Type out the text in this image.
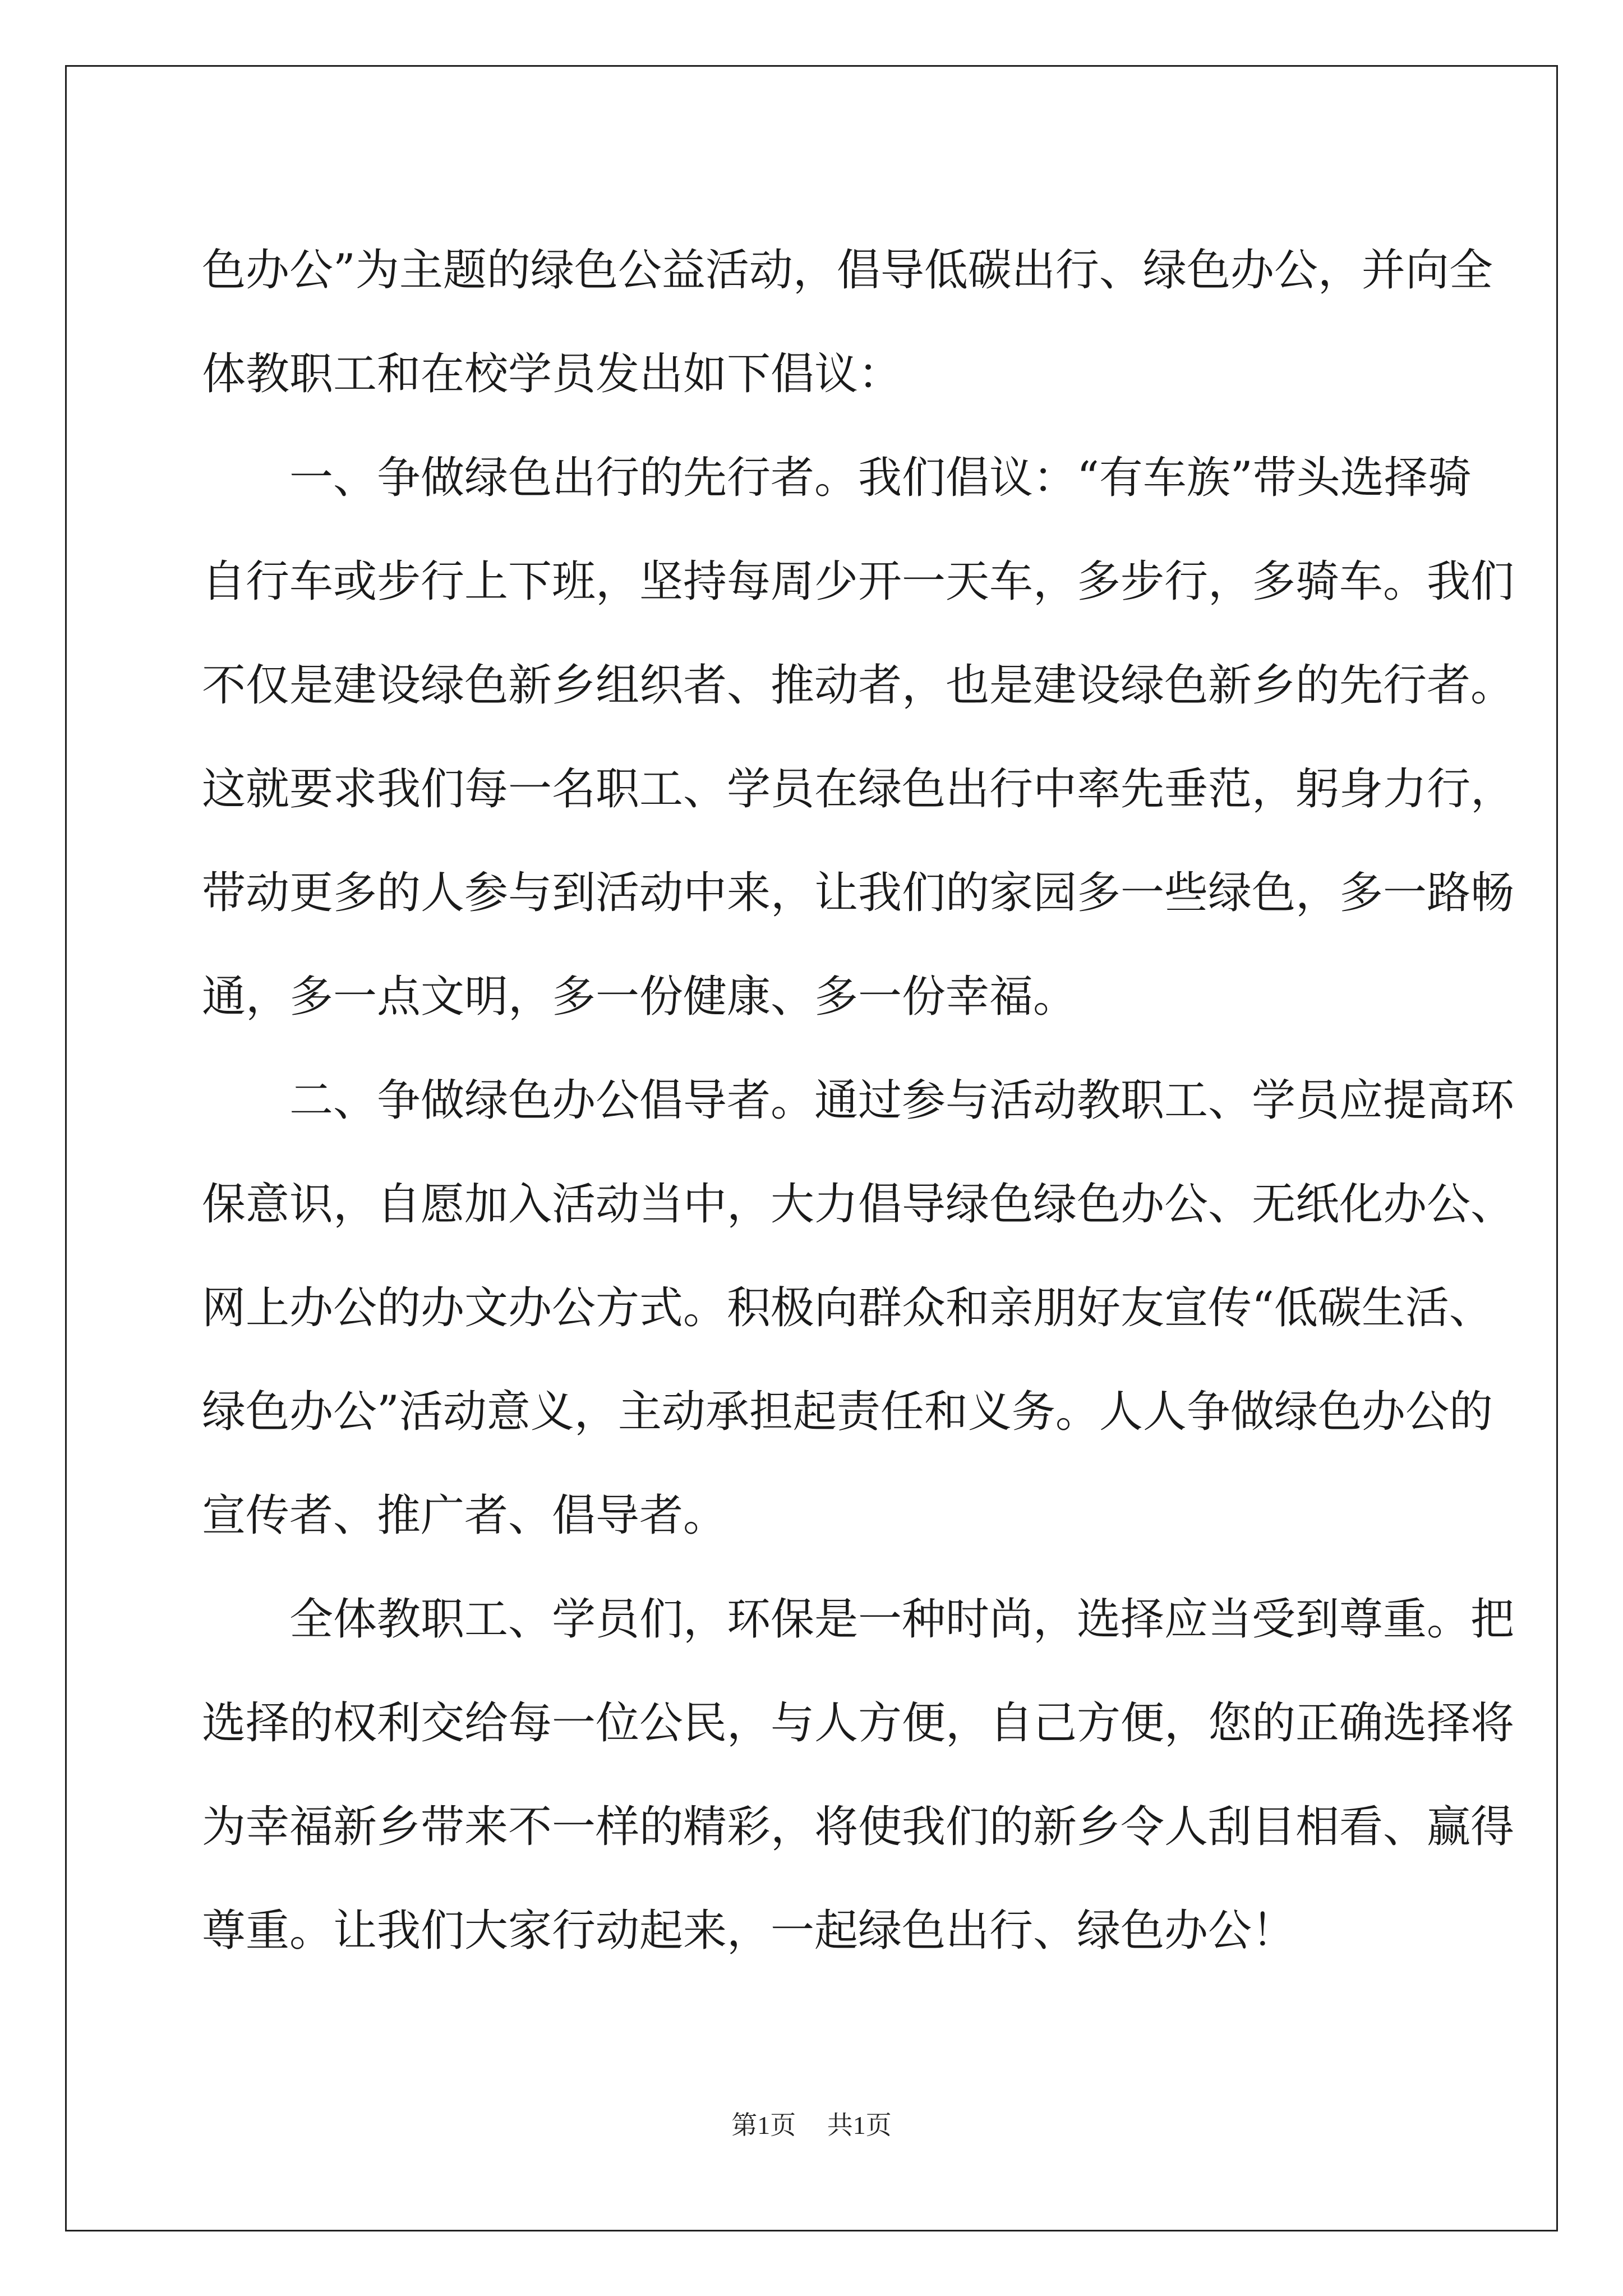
色办公”为主题的绿色公益活动，倡导低碳出行、绿色办公，并向全
体教职工和在校学员发出如下倡议：
一、争做绿色出行的先行者。我们倡议：“有车族”带头选择骑
自行车或步行上下班，坚持每周少开一天车，多步行，多骑车。我们
不仅是建设绿色新乡组织者、推动者，也是建设绿色新乡的先行者。
这就要求我们每一名职工、学员在绿色出行中率先垂范，躬身力行，
带动更多的人参与到活动中来，让我们的家园多一些绿色，多一路畅
通，多一点文明，多一份健康、多一份幸福。
二、争做绿色办公倡导者。通过参与活动教职工、学员应提高环
保意识，自愿加入活动当中，大力倡导绿色绿色办公、无纸化办公、
网上办公的办文办公方式。积极向群众和亲朋好友宣传“低碳生活、
绿色办公”活动意义，主动承担起责任和义务。人人争做绿色办公的
宣传者、推广者、倡导者。
全体教职工、学员们，环保是一种时尚，选择应当受到尊重。把
选择的权利交给每一位公民，与人方便，自己方便，您的正确选择将
为幸福新乡带来不一样的精彩，将使我们的新乡令人刮目相看、赢得
尊重。让我们大家行动起来，一起绿色出行、绿色办公！
第1页 共1页
